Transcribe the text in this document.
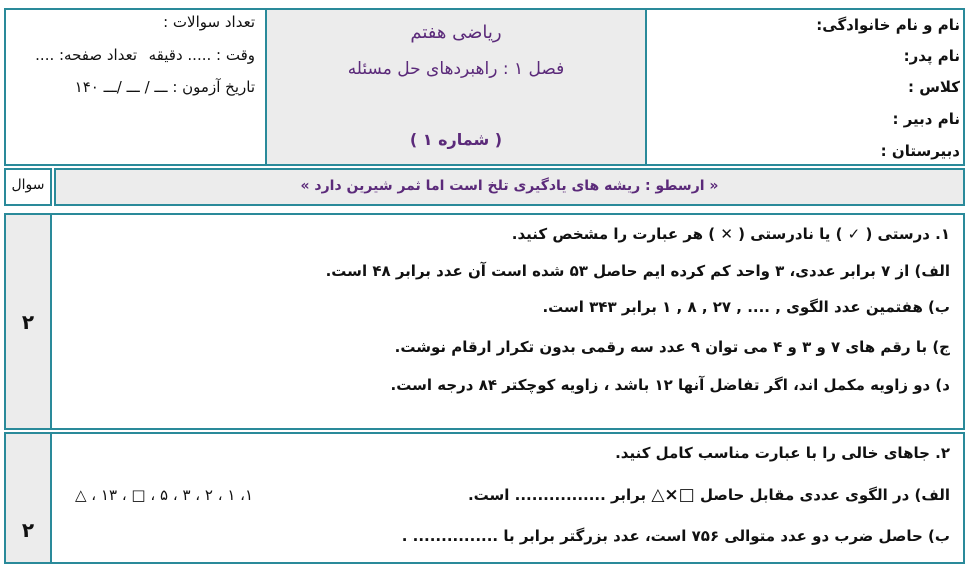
نام و نام خانوادگی:
نام پدر:
کلاس :
نام دبیر :
دبیرستان :
ریاضی هفتم
فصل ۱ : راهبردهای حل مسئله
( شماره ۱ )
تعداد سوالات :
وقت : ..... دقیقه
تعداد صفحه: ....
تاریخ آزمون : ـــ / ـــ /ـــ ۱۴۰
سوال	« ارسطو : ریشه های یادگیری تلخ است اما ثمر شیرین دارد »
۲
۱. درستی ( ✓ ) یا نادرستی ( ✕ ) هر عبارت را مشخص کنید.
الف) از ۷ برابر عددی، ۳ واحد کم کرده ایم حاصل ۵۳ شده است آن عدد برابر ۴۸ است.
ب) هفتمین عدد الگوی , .... , ۲۷ , ۸ , ۱ برابر ۳۴۳ است.
ج) با رقم های ۷ و ۳ و ۴ می توان ۹ عدد سه رقمی بدون تکرار ارقام نوشت.
د) دو زاویه مکمل اند، اگر تفاضل آنها ۱۲ باشد ، زاویه کوچکتر ۸۴ درجه است.
۲
۲. جاهای خالی را با عبارت مناسب کامل کنید.
الف) در الگوی عددی مقابل حاصل △×□ برابر ................ است.
۱، ۱ ، ۲ ، ۳ ، ۵ ، □ ، ۱۳ ، △
ب) حاصل ضرب دو عدد متوالی ۷۵۶ است، عدد بزرگتر برابر با ............... .
